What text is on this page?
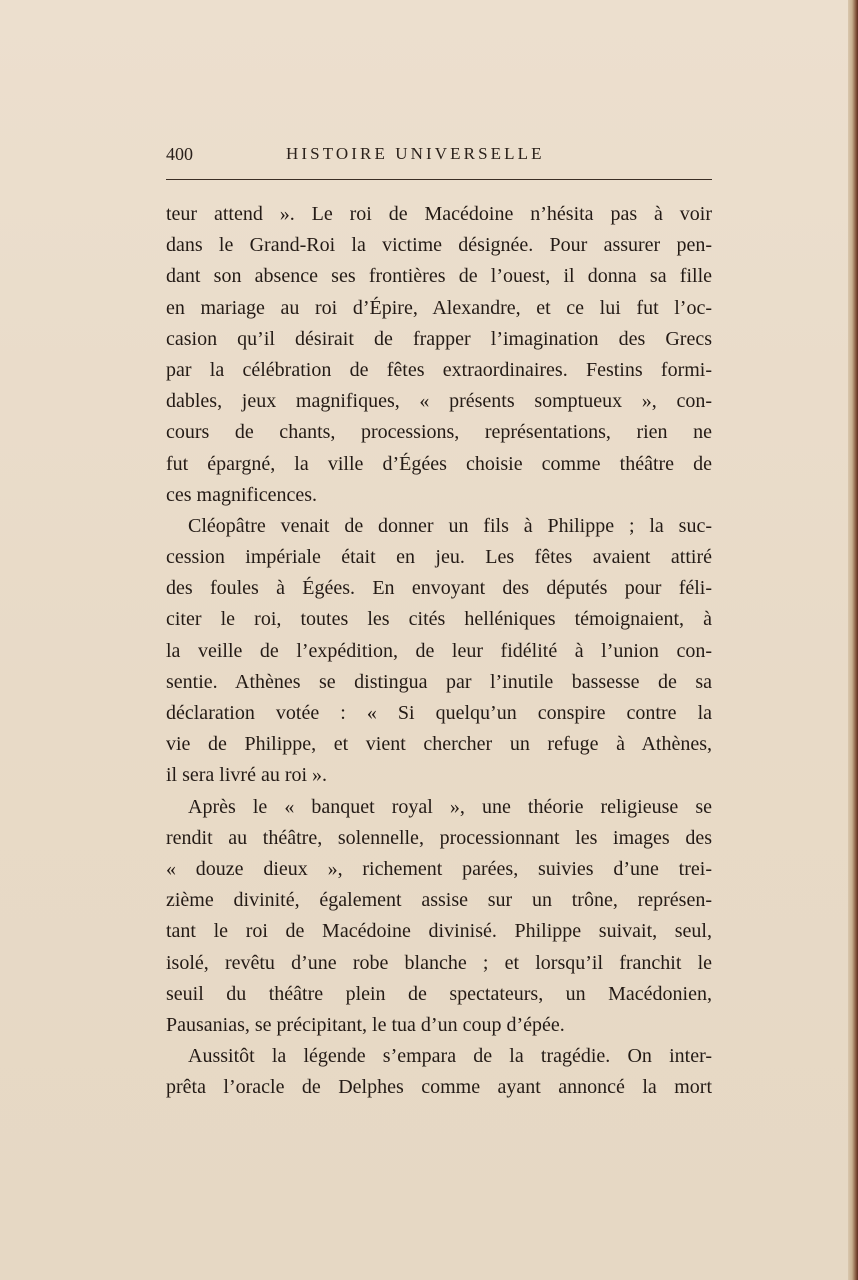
400	HISTOIRE UNIVERSELLE
teur attend ». Le roi de Macédoine n’hésita pas à voir
dans le Grand-Roi la victime désignée. Pour assurer pen-
dant son absence ses frontières de l’ouest, il donna sa fille
en mariage au roi d’Épire, Alexandre, et ce lui fut l’oc-
casion qu’il désirait de frapper l’imagination des Grecs
par la célébration de fêtes extraordinaires. Festins formi-
dables, jeux magnifiques, « présents somptueux », con-
cours de chants, processions, représentations, rien ne
fut épargné, la ville d’Égées choisie comme théâtre de
ces magnificences.
Cléopâtre venait de donner un fils à Philippe ; la suc-
cession impériale était en jeu. Les fêtes avaient attiré
des foules à Égées. En envoyant des députés pour féli-
citer le roi, toutes les cités helléniques témoignaient, à
la veille de l’expédition, de leur fidélité à l’union con-
sentie. Athènes se distingua par l’inutile bassesse de sa
déclaration votée : « Si quelqu’un conspire contre la
vie de Philippe, et vient chercher un refuge à Athènes,
il sera livré au roi ».
Après le « banquet royal », une théorie religieuse se
rendit au théâtre, solennelle, processionnant les images des
« douze dieux », richement parées, suivies d’une trei-
zième divinité, également assise sur un trône, représen-
tant le roi de Macédoine divinisé. Philippe suivait, seul,
isolé, revêtu d’une robe blanche ; et lorsqu’il franchit le
seuil du théâtre plein de spectateurs, un Macédonien,
Pausanias, se précipitant, le tua d’un coup d’épée.
Aussitôt la légende s’empara de la tragédie. On inter-
prêta l’oracle de Delphes comme ayant annoncé la mort
